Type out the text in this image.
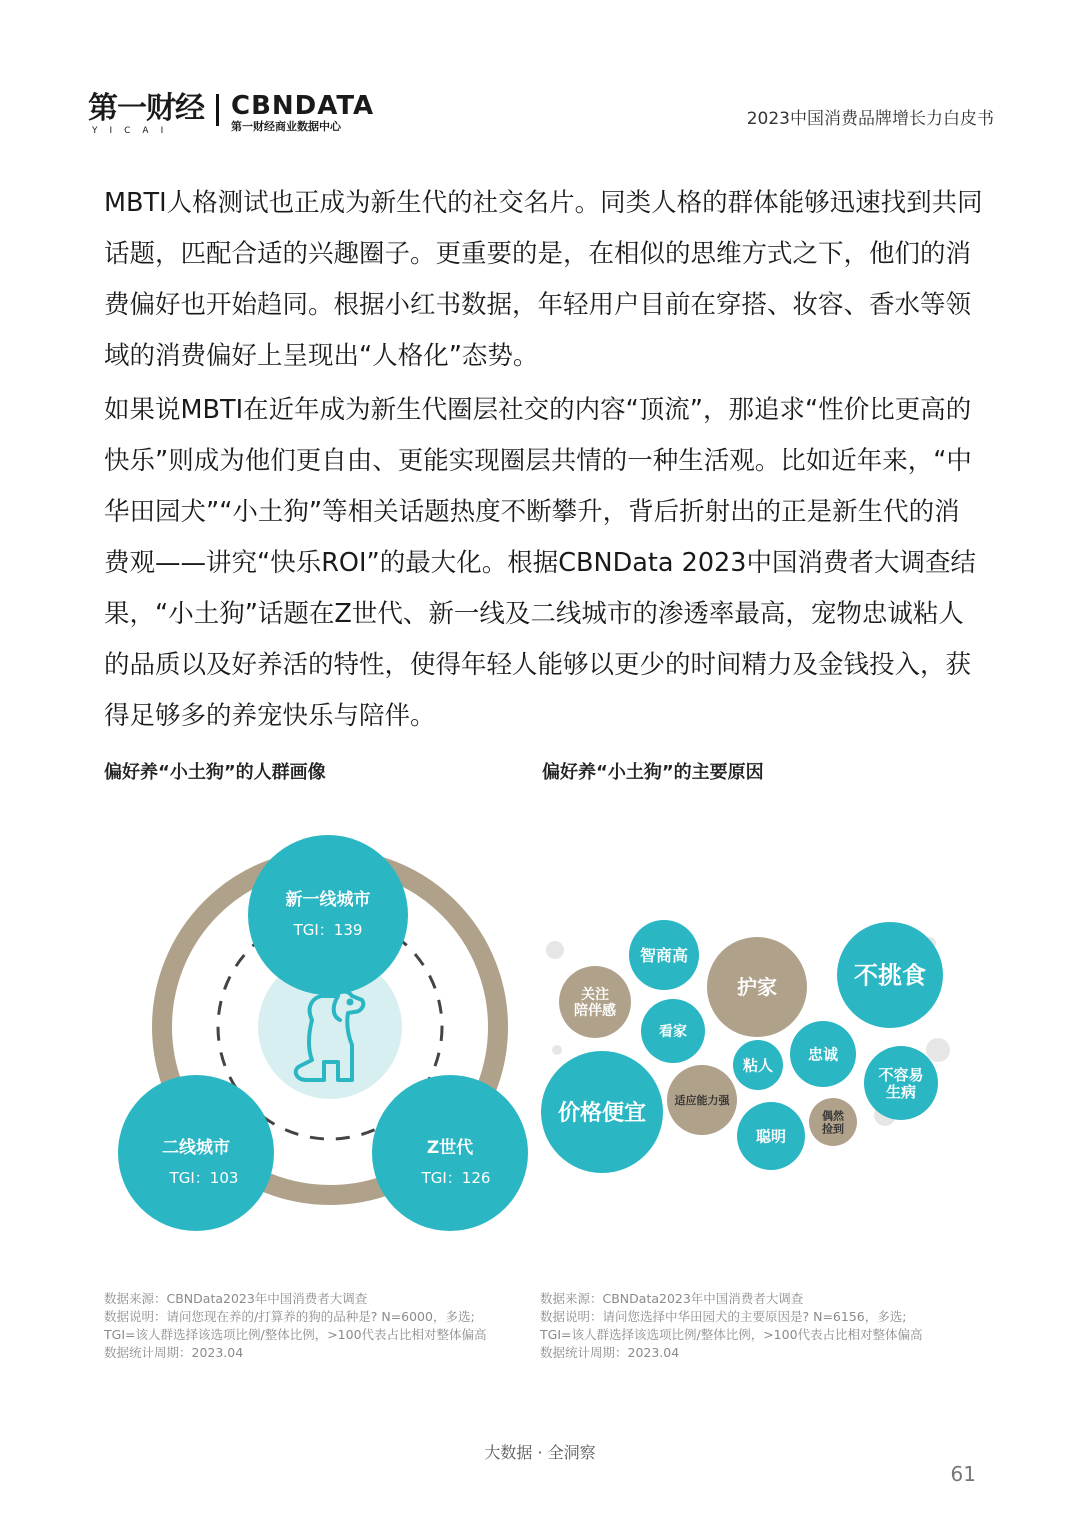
第一财经
YICAI
CBNDATA
第一财经商业数据中心	2023中国消费品牌增长力白皮书

MBTI人格测试也正成为新生代的社交名片。同类人格的群体能够迅速找到共同话题，匹配合适的兴趣圈子。更重要的是，在相似的思维方式之下，他们的消费偏好也开始趋同。根据小红书数据，年轻用户目前在穿搭、妆容、香水等领域的消费偏好上呈现出“人格化”态势。

如果说MBTI在近年成为新生代圈层社交的内容“顶流”，那追求“性价比更高的快乐”则成为他们更自由、更能实现圈层共情的一种生活观。比如近年来，“中华田园犬”“小土狗”等相关话题热度不断攀升，背后折射出的正是新生代的消费观——讲究“快乐ROI”的最大化。根据CBNData 2023中国消费者大调查结果，“小土狗”话题在Z世代、新一线及二线城市的渗透率最高，宠物忠诚粘人的品质以及好养活的特性，使得年轻人能够以更少的时间精力及金钱投入，获得足够多的养宠快乐与陪伴。

偏好养“小土狗”的人群画像	偏好养“小土狗”的主要原因
新一线城市
TGI：139
二线城市
TGI：103
Z世代
TGI：126
不挑食
护家
价格便宜
智商高
关注
陪伴感
看家
忠诚
粘人
不容易
生病
适应能力强
聪明
偶然
捡到
数据来源：CBNData2023年中国消费者大调查
数据说明：请问您现在养的/打算养的狗的品种是? N=6000，多选;
TGI=该人群选择该选项比例/整体比例，>100代表占比相对整体偏高
数据统计周期：2023.04
数据来源：CBNData2023年中国消费者大调查
数据说明：请问您选择中华田园犬的主要原因是? N=6156，多选;
TGI=该人群选择该选项比例/整体比例，>100代表占比相对整体偏高
数据统计周期：2023.04
大数据 · 全洞察
61
